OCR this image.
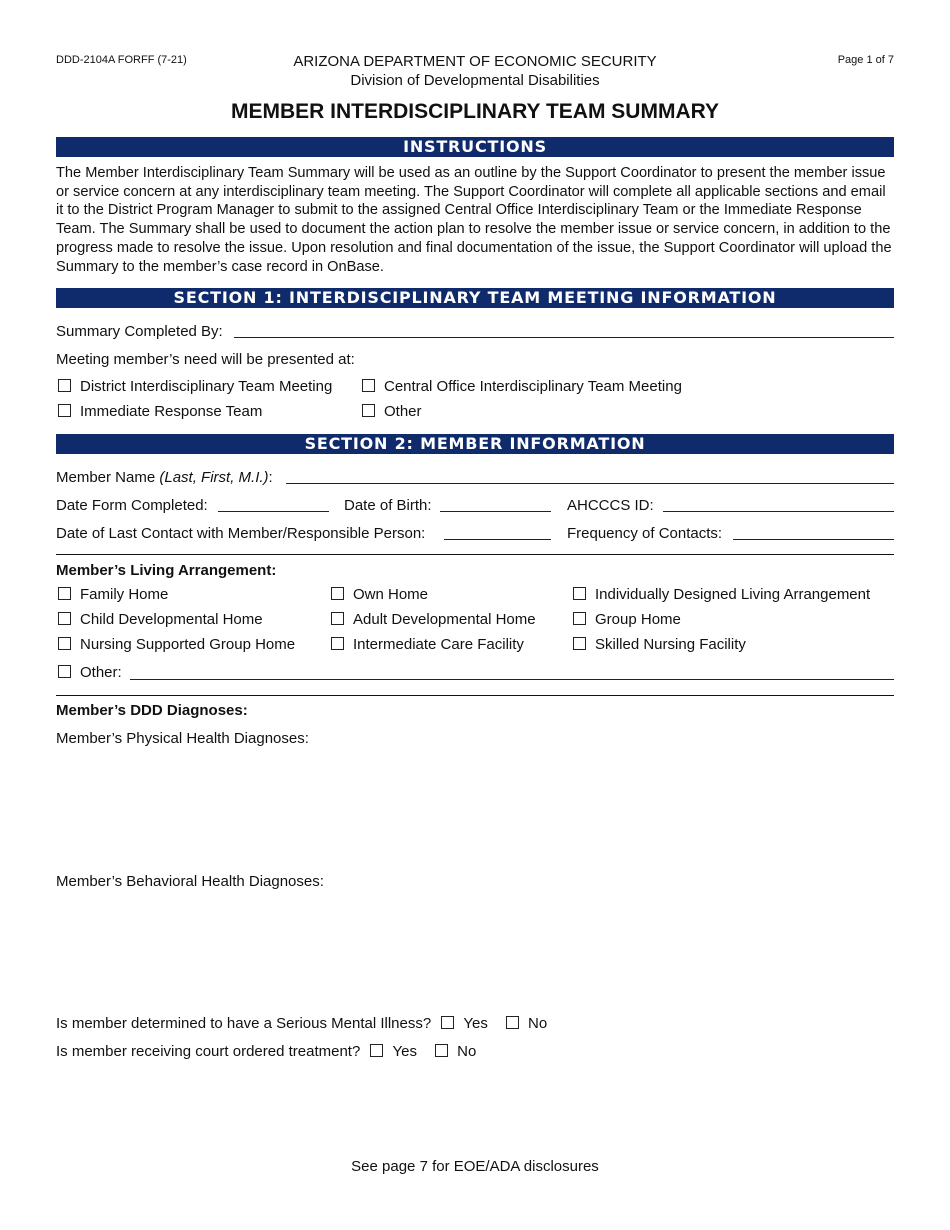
DDD-2104A FORFF (7-21)	Page 1 of 7
ARIZONA DEPARTMENT OF ECONOMIC SECURITY
Division of Developmental Disabilities
MEMBER INTERDISCIPLINARY TEAM SUMMARY
INSTRUCTIONS
The Member Interdisciplinary Team Summary will be used as an outline by the Support Coordinator to present the member issue or service concern at any interdisciplinary team meeting. The Support Coordinator will complete all applicable sections and email it to the District Program Manager to submit to the assigned Central Office Interdisciplinary Team or the Immediate Response Team. The Summary shall be used to document the action plan to resolve the member issue or service concern, in addition to the progress made to resolve the issue. Upon resolution and final documentation of the issue, the Support Coordinator will upload the Summary to the member’s case record in OnBase.
SECTION 1: INTERDISCIPLINARY TEAM MEETING INFORMATION
Summary Completed By:
Meeting member’s need will be presented at:
District Interdisciplinary Team Meeting	Central Office Interdisciplinary Team Meeting
Immediate Response Team	Other
SECTION 2: MEMBER INFORMATION
Member Name (Last, First, M.I.):
Date Form Completed:	Date of Birth:	AHCCCS ID:
Date of Last Contact with Member/Responsible Person:	Frequency of Contacts:
Member’s Living Arrangement:
Family Home	Own Home	Individually Designed Living Arrangement
Child Developmental Home	Adult Developmental Home	Group Home
Nursing Supported Group Home	Intermediate Care Facility	Skilled Nursing Facility
Other:
Member’s DDD Diagnoses:
Member’s Physical Health Diagnoses:
Member’s Behavioral Health Diagnoses:
Is member determined to have a Serious Mental Illness? Yes	No
Is member receiving court ordered treatment? Yes	No
See page 7 for EOE/ADA disclosures
